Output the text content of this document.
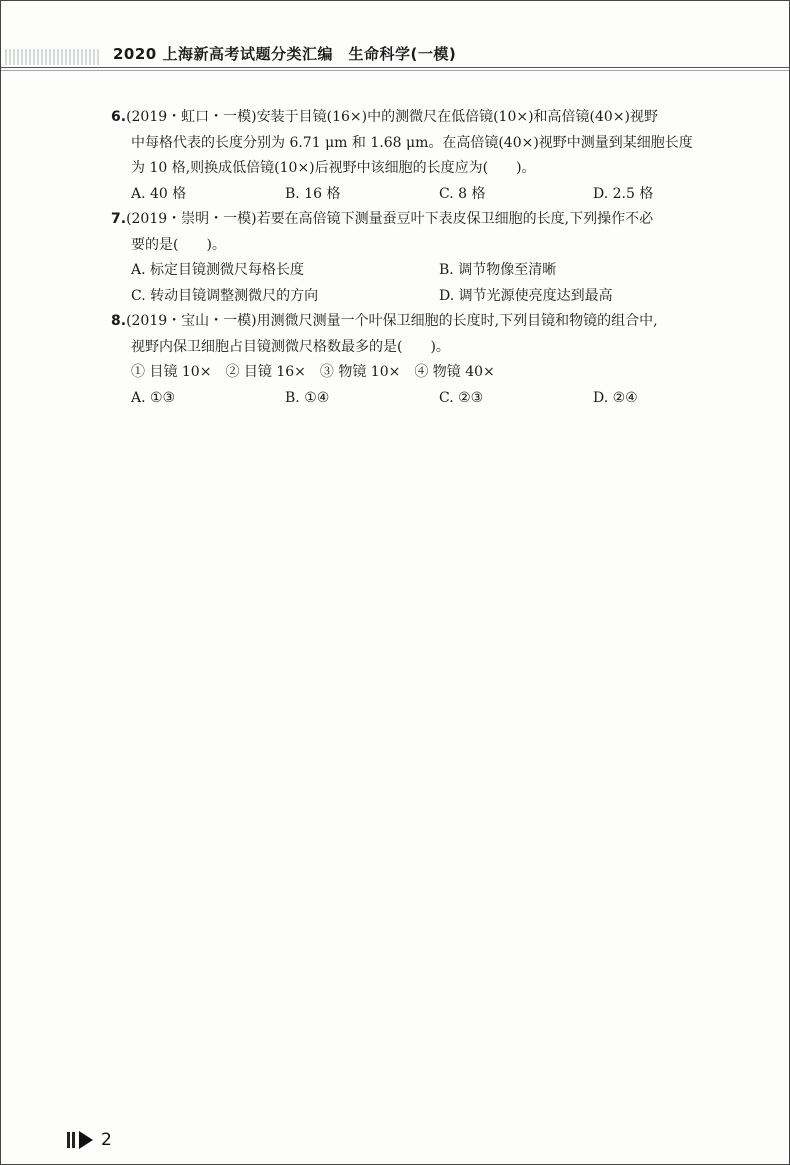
2020 上海新高考试题分类汇编　生命科学(一模)
6.(2019・虹口・一模)安装于目镜(16×)中的测微尺在低倍镜(10×)和高倍镜(40×)视野
中每格代表的长度分别为 6.71 μm 和 1.68 μm。在高倍镜(40×)视野中测量到某细胞长度
为 10 格,则换成低倍镜(10×)后视野中该细胞的长度应为(　　)。
A. 40 格	B. 16 格	C. 8 格	D. 2.5 格
7.(2019・崇明・一模)若要在高倍镜下测量蚕豆叶下表皮保卫细胞的长度,下列操作不必
要的是(　　)。
A. 标定目镜测微尺每格长度	B. 调节物像至清晰
C. 转动目镜调整测微尺的方向	D. 调节光源使亮度达到最高
8.(2019・宝山・一模)用测微尺测量一个叶保卫细胞的长度时,下列目镜和物镜的组合中,
视野内保卫细胞占目镜测微尺格数最多的是(　　)。
① 目镜 10×　② 目镜 16×　③ 物镜 10×　④ 物镜 40×
A. ①③	B. ①④	C. ②③	D. ②④
2
